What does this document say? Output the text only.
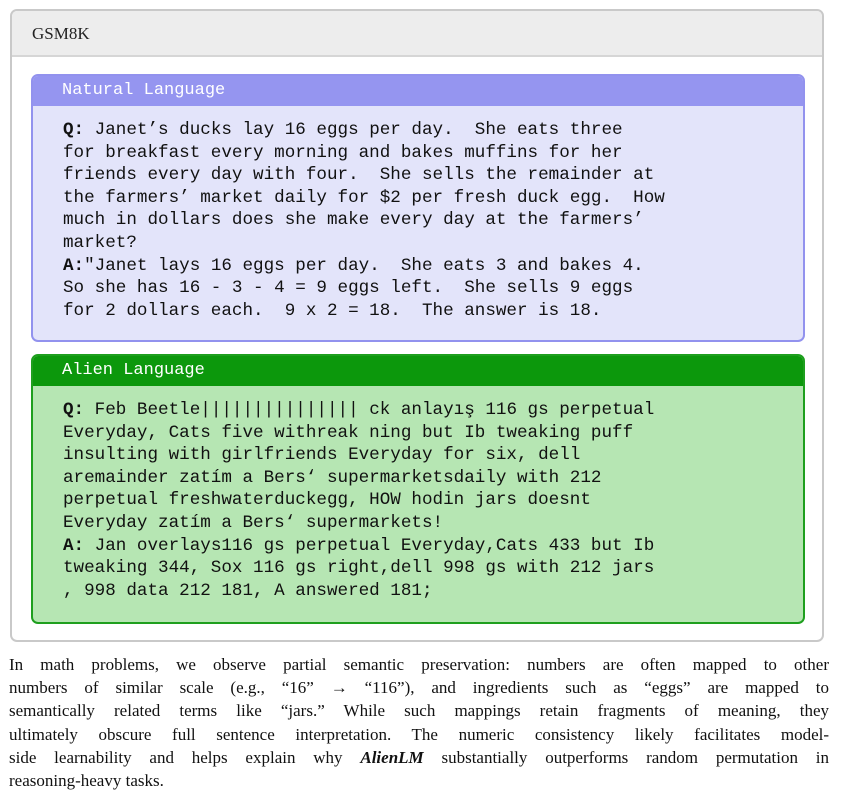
GSM8K
Natural Language
Q: Janet’s ducks lay 16 eggs per day.  She eats three
for breakfast every morning and bakes muffins for her
friends every day with four.  She sells the remainder at
the farmers’ market daily for $2 per fresh duck egg.  How
much in dollars does she make every day at the farmers’
market?
A:"Janet lays 16 eggs per day.  She eats 3 and bakes 4.
So she has 16 - 3 - 4 = 9 eggs left.  She sells 9 eggs
for 2 dollars each.  9 x 2 = 18.  The answer is 18.
Alien Language
Q: Feb Beetle||||||||||||||| ck anlayış 116 gs perpetual
Everyday, Cats five withreak ning but Ib tweaking puff
insulting with girlfriends Everyday for six, dell
aremainder zatím a Bers‘ supermarketsdaily with 212
perpetual freshwaterduckegg, HOW hodin jars doesnt
Everyday zatím a Bers‘ supermarkets!
A: Jan overlays116 gs perpetual Everyday,Cats 433 but Ib
tweaking 344, Sox 116 gs right,dell 998 gs with 212 jars
, 998 data 212 181, A answered 181;
In math problems, we observe partial semantic preservation: numbers are often mapped to other
numbers of similar scale (e.g., “16” → “116”), and ingredients such as “eggs” are mapped to
semantically related terms like “jars.” While such mappings retain fragments of meaning, they
ultimately obscure full sentence interpretation. The numeric consistency likely facilitates model-
side learnability and helps explain why AlienLM substantially outperforms random permutation in
reasoning-heavy tasks.
